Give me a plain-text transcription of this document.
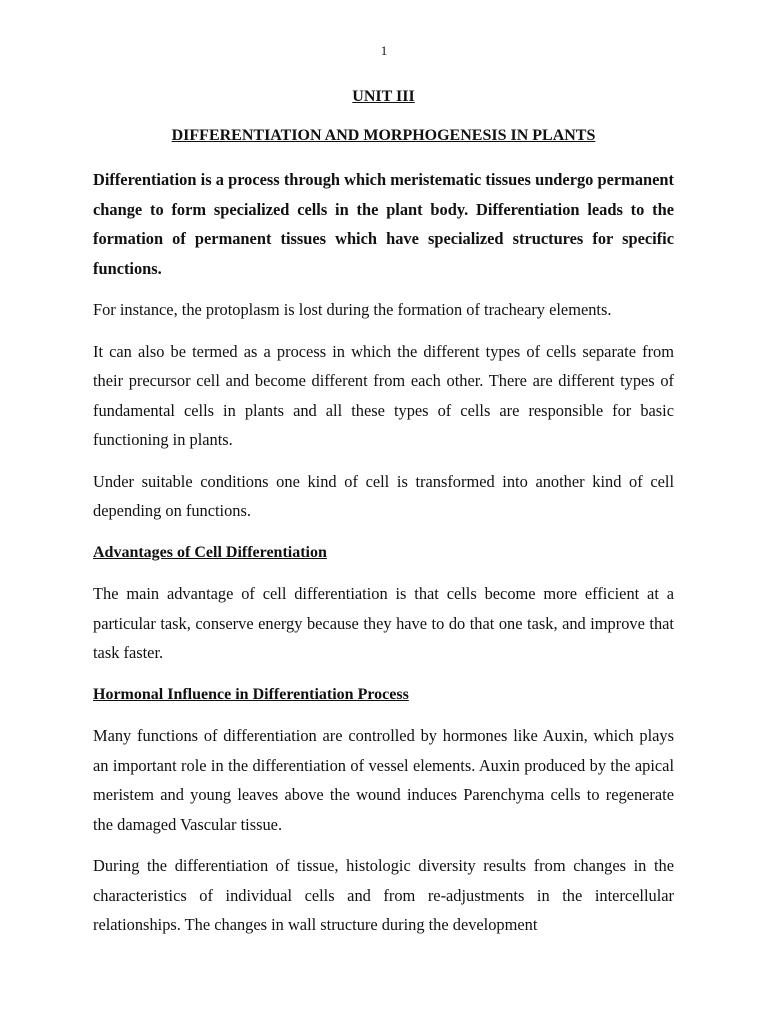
1
UNIT III
DIFFERENTIATION AND MORPHOGENESIS IN PLANTS

Differentiation is a process through which meristematic tissues undergo permanent change to form specialized cells in the plant body. Differentiation leads to the formation of permanent tissues which have specialized structures for specific functions.

For instance, the protoplasm is lost during the formation of tracheary elements.

It can also be termed as a process in which the different types of cells separate from their precursor cell and become different from each other. There are different types of fundamental cells in plants and all these types of cells are responsible for basic functioning in plants.

Under suitable conditions one kind of cell is transformed into another kind of cell depending on functions.

Advantages of Cell Differentiation

The main advantage of cell differentiation is that cells become more efficient at a particular task, conserve energy because they have to do that one task, and improve that task faster.

Hormonal Influence in Differentiation Process

Many functions of differentiation are controlled by hormones like Auxin, which plays an important role in the differentiation of vessel elements. Auxin produced by the apical meristem and young leaves above the wound induces Parenchyma cells to regenerate the damaged Vascular tissue.

During the differentiation of tissue, histologic diversity results from changes in the characteristics of individual cells and from re-adjustments in the intercellular relationships. The changes in wall structure during the development
